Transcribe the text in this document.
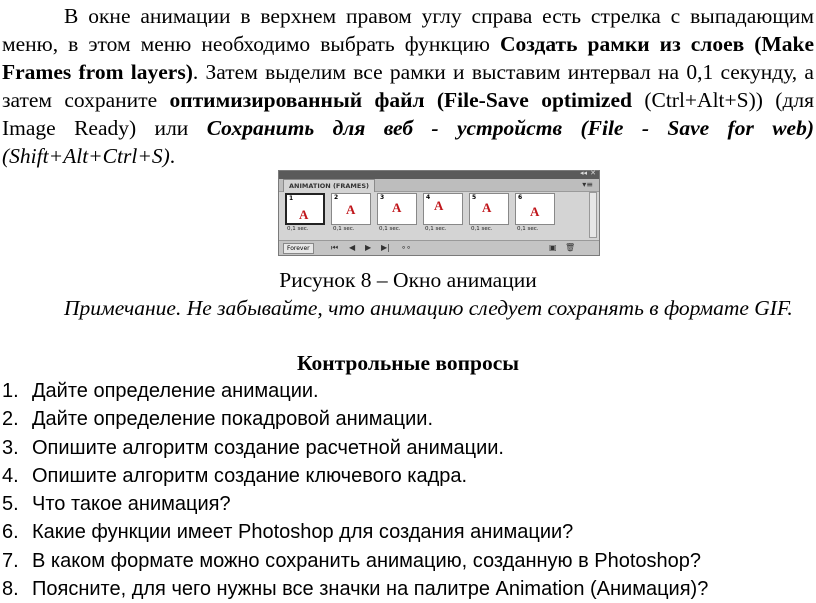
В окне анимации в верхнем правом углу справа есть стрелка с выпадающим меню, в этом меню необходимо выбрать функцию Создать рамки из слоев (Make Frames from layers). Затем выделим все рамки и выставим интервал на 0,1 секунду, а затем сохраните оптимизированный файл (File-Save optimized (Ctrl+Alt+S)) (для Image Ready) или Сохранить для веб - устройств (File - Save for web) (Shift+Alt+Ctrl+S).

◂◂ ✕
ANIMATION (FRAMES)	▾≡
1
A
0,1 sec.
2
A
0,1 sec.
3
A
0,1 sec.
4
A
0,1 sec.
5
A
0,1 sec.
6
A
0,1 sec.
Forever	⏮ ◀ ▶ ▶| ∘∘	▣ 🗑

Рисунок 8 – Окно анимации

Примечание. Не забывайте, что анимацию следует сохранять в формате GIF.

Контрольные вопросы

1. Дайте определение анимации.
2. Дайте определение покадровой анимации.
3. Опишите алгоритм создание расчетной анимации.
4. Опишите алгоритм создание ключевого кадра.
5. Что такое анимация?
6. Какие функции имеет Photoshop для создания анимации?
7. В каком формате можно сохранить анимацию, созданную в Photoshop?
8. Поясните, для чего нужны все значки на палитре Animation (Анимация)?
